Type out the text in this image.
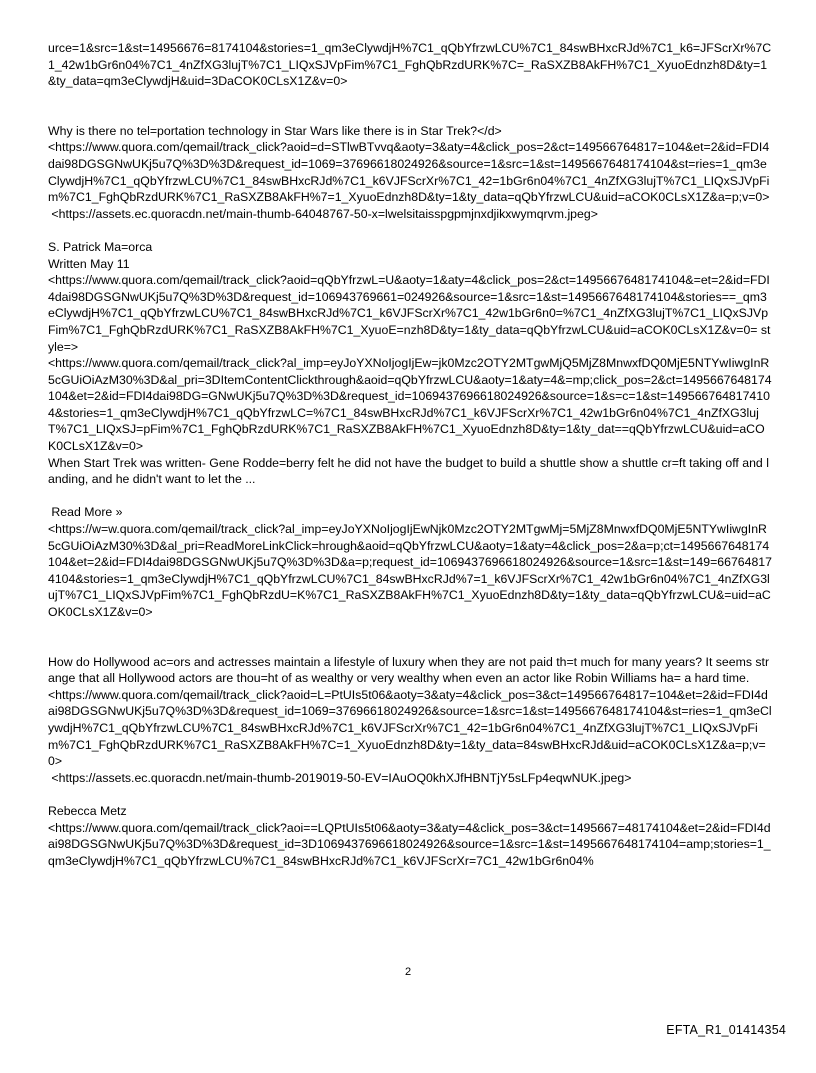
urce=1&src=1&st=14956676=8174104&stories=1_qm3eClywdjH%7C1_qQbYfrzwLCU%7C1_84swBHxcRJd%7C1_k6=JFScrXr%7C1_42w1bGr6n04%7C1_4nZfXG3lujT%7C1_LIQxSJVpFim%7C1_FghQbRzdURK%7C=_RaSXZB8AkFH%7C1_XyuoEdnzh8D&ty=1&ty_data=qm3eClywdjH&uid=3DaCOK0CLsX1Z&v=0>

Why is there no tel=portation technology in Star Wars like there is in Star Trek?</d>
<https://www.quora.com/qemail/track_click?aoid=d=STlwBTvvq&aoty=3&aty=4&click_pos=2&ct=149566764817=104&et=2&id=FDI4dai98DGSGNwUKj5u7Q%3D%3D&request_id=1069=37696618024926&source=1&src=1&st=1495667648174104&st=ries=1_qm3eClywdjH%7C1_qQbYfrzwLCU%7C1_84swBHxcRJd%7C1_k6VJFScrXr%7C1_42=1bGr6n04%7C1_4nZfXG3lujT%7C1_LIQxSJVpFim%7C1_FghQbRzdURK%7C1_RaSXZB8AkFH%7=1_XyuoEdnzh8D&ty=1&ty_data=qQbYfrzwLCU&uid=aCOK0CLsX1Z&a=p;v=0>
<https://assets.ec.quoracdn.net/main-thumb-64048767-50-x=lwelsitaisspgpmjnxdjikxwymqrvm.jpeg>

S. Patrick Ma=orca
Written May 11
<https://www.quora.com/qemail/track_click?aoid=qQbYfrzwL=U&aoty=1&aty=4&click_pos=2&ct=1495667648174104&=et=2&id=FDI4dai98DGSGNwUKj5u7Q%3D%3D&request_id=106943769661=024926&source=1&src=1&st=1495667648174104&stories==_qm3eClywdjH%7C1_qQbYfrzwLCU%7C1_84swBHxcRJd%7C1_k6VJFScrXr%7C1_42w1bGr6n0=%7C1_4nZfXG3lujT%7C1_LIQxSJVpFim%7C1_FghQbRzdURK%7C1_RaSXZB8AkFH%7C1_XyuoE=nzh8D&ty=1&ty_data=qQbYfrzwLCU&uid=aCOK0CLsX1Z&v=0= style=>
<https://www.quora.com/qemail/track_click?al_imp=eyJoYXNoIjogIjEw=jk0Mzc2OTY2MTgwMjQ5MjZ8MnwxfDQ0MjE5NTYwIiwgInR5cGUiOiAzM30%3D&al_pri=3DItemContentClickthrough&aoid=qQbYfrzwLCU&aoty=1&aty=4&=mp;click_pos=2&ct=1495667648174104&et=2&id=FDI4dai98DG=GNwUKj5u7Q%3D%3D&request_id=1069437696618024926&source=1&s=c=1&st=1495667648174104&stories=1_qm3eClywdjH%7C1_qQbYfrzwLC=%7C1_84swBHxcRJd%7C1_k6VJFScrXr%7C1_42w1bGr6n04%7C1_4nZfXG3lujT%7C1_LIQxSJ=pFim%7C1_FghQbRzdURK%7C1_RaSXZB8AkFH%7C1_XyuoEdnzh8D&ty=1&ty_dat==qQbYfrzwLCU&uid=aCOK0CLsX1Z&v=0>
When Start Trek was written- Gene Rodde=berry felt he did not have the budget to build a shuttle show a shuttle cr=ft taking off and landing, and he didn't want to let the ...

Read More »
<https://w=w.quora.com/qemail/track_click?al_imp=eyJoYXNoIjogIjEwNjk0Mzc2OTY2MTgwMj=5MjZ8MnwxfDQ0MjE5NTYwIiwgInR5cGUiOiAzM30%3D&al_pri=ReadMoreLinkClick=hrough&aoid=qQbYfrzwLCU&aoty=1&aty=4&click_pos=2&a=p;ct=1495667648174104&et=2&id=FDI4dai98DGSGNwUKj5u7Q%3D%3D&a=p;request_id=1069437696618024926&source=1&src=1&st=149=667648174104&stories=1_qm3eClywdjH%7C1_qQbYfrzwLCU%7C1_84swBHxcRJd%7=1_k6VJFScrXr%7C1_42w1bGr6n04%7C1_4nZfXG3lujT%7C1_LIQxSJVpFim%7C1_FghQbRzdU=K%7C1_RaSXZB8AkFH%7C1_XyuoEdnzh8D&ty=1&ty_data=qQbYfrzwLCU&=uid=aCOK0CLsX1Z&v=0>

How do Hollywood ac=ors and actresses maintain a lifestyle of luxury when they are not paid th=t much for many years? It seems strange that all Hollywood actors are thou=ht of as wealthy or very wealthy when even an actor like Robin Williams ha= a hard time.
<https://www.quora.com/qemail/track_click?aoid=L=PtUIs5t06&aoty=3&aty=4&click_pos=3&ct=149566764817=104&et=2&id=FDI4dai98DGSGNwUKj5u7Q%3D%3D&request_id=1069=37696618024926&source=1&src=1&st=1495667648174104&st=ries=1_qm3eClywdjH%7C1_qQbYfrzwLCU%7C1_84swBHxcRJd%7C1_k6VJFScrXr%7C1_42=1bGr6n04%7C1_4nZfXG3lujT%7C1_LIQxSJVpFim%7C1_FghQbRzdURK%7C1_RaSXZB8AkFH%7C=1_XyuoEdnzh8D&ty=1&ty_data=84swBHxcRJd&uid=aCOK0CLsX1Z&a=p;v=0>
<https://assets.ec.quoracdn.net/main-thumb-2019019-50-EV=IAuOQ0khXJfHBNTjY5sLFp4eqwNUK.jpeg>

Rebecca Metz
<https://www.quora.com/qemail/track_click?aoi==LQPtUIs5t06&aoty=3&aty=4&click_pos=3&ct=1495667=48174104&et=2&id=FDI4dai98DGSGNwUKj5u7Q%3D%3D&request_id=3D1069437696618024926&source=1&src=1&st=1495667648174104=amp;stories=1_qm3eClywdjH%7C1_qQbYfrzwLCU%7C1_84swBHxcRJd%7C1_k6VJFScrXr=7C1_42w1bGr6n04%

2
EFTA_R1_01414354
